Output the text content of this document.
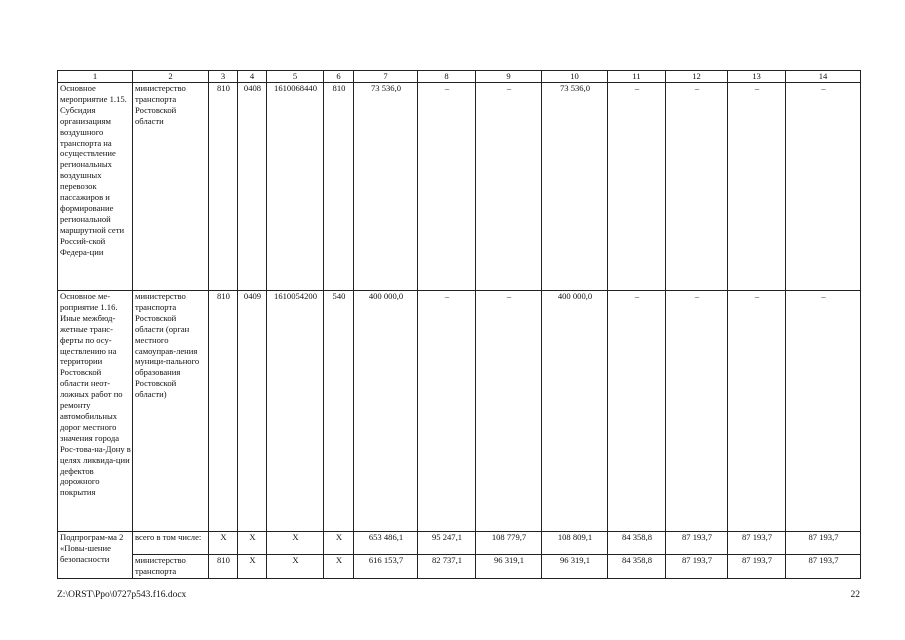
1	2	3	4	5	6	7	8	9	10	11	12	13	14
Основное мероприятие 1.15. Субсидия организациям воздушного транспорта на осуществление региональных воздушных перевозок пассажиров и формирование региональной маршрутной сети Россий-ской Федера-ции	министерство транспорта Ростовской области	810	0408	1610068440	810	73 536,0	–	–	73 536,0	–	–	–	–
Основное ме-роприятие 1.16. Иные межбюд-жетные транс-ферты по осу-ществлению на территории Ростовской области неот-ложных работ по ремонту автомобильных дорог местного значения города Рос-това-на-Дону в целях ликвида-ции дефектов дорожного покрытия	министерство транспорта Ростовской области (орган местного самоуправ-ления муници-пального образования Ростовской области)	810	0409	1610054200	540	400 000,0	–	–	400 000,0	–	–	–	–
Подпрограм-ма 2 «Повы-шение безопасности	всего в том числе:	X	X	X	X	653 486,1	95 247,1	108 779,7	108 809,1	84 358,8	87 193,7	87 193,7	87 193,7
	министерство транспорта	810	X	X	X	616 153,7	82 737,1	96 319,1	96 319,1	84 358,8	87 193,7	87 193,7	87 193,7
Z:\ORST\Ppo\0727p543.f16.docx	22
